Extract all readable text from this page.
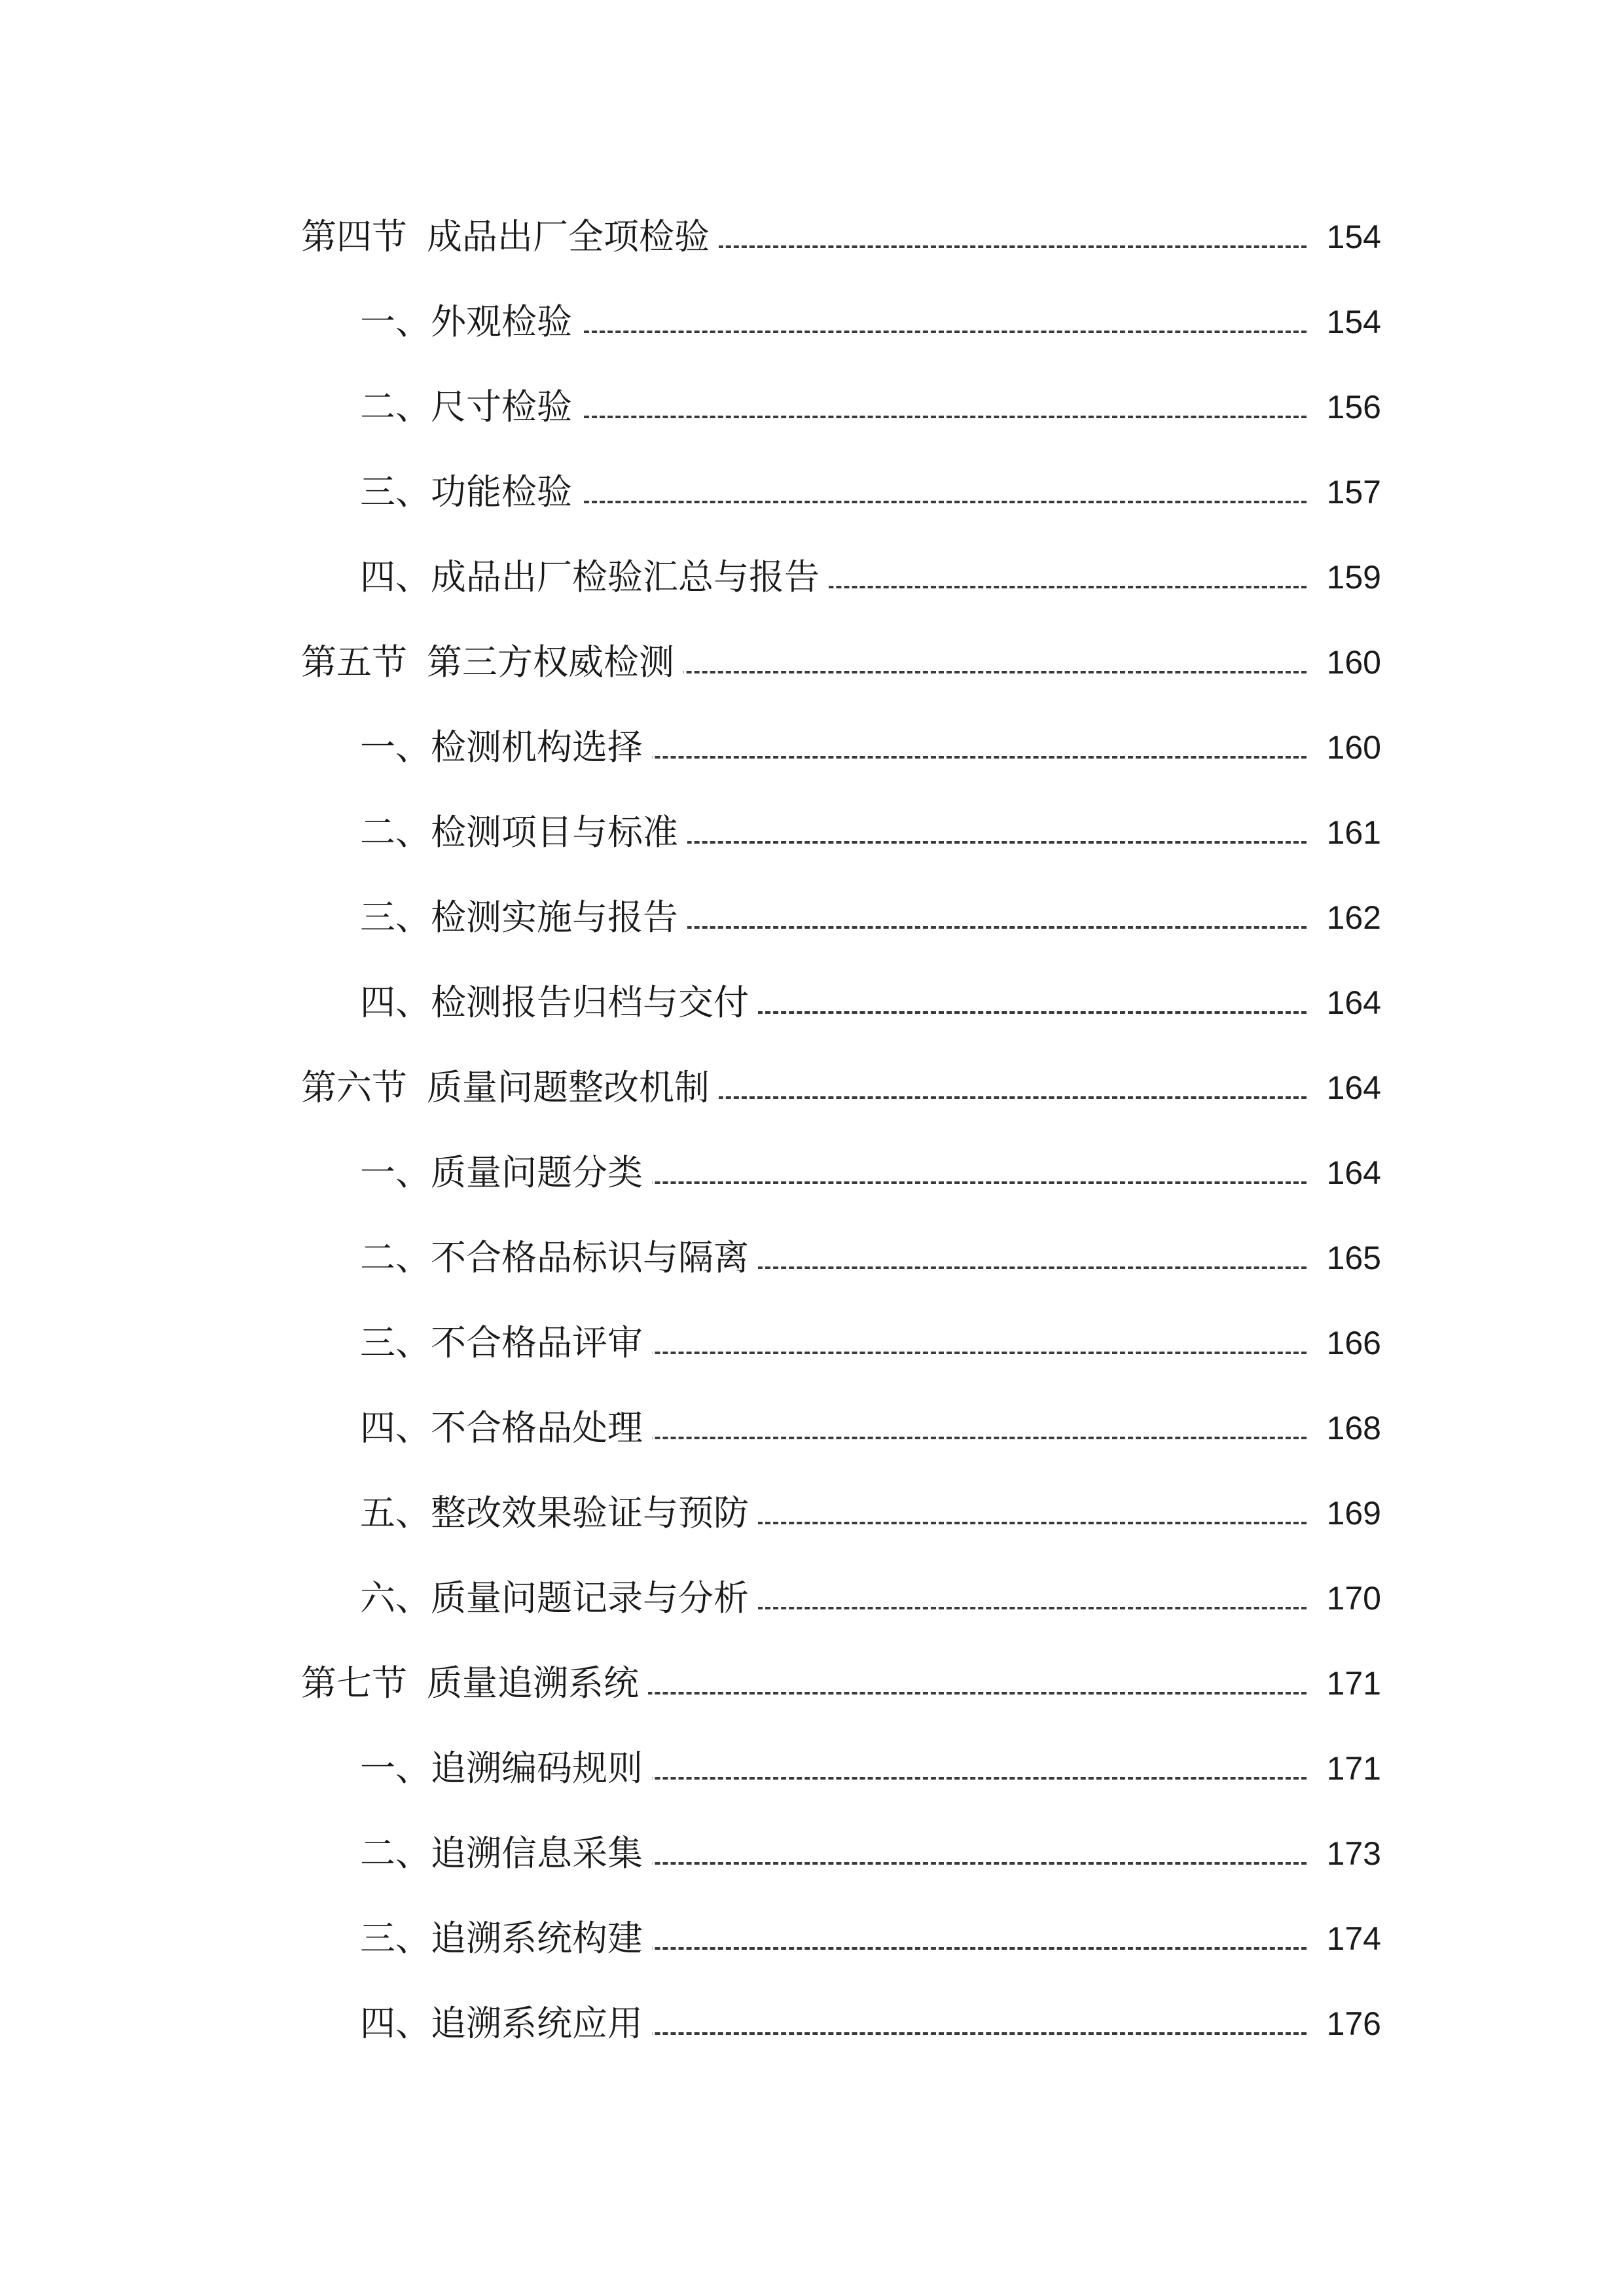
第四节 成品出厂全项检验	154
一、外观检验	154
二、尺寸检验	156
三、功能检验	157
四、成品出厂检验汇总与报告	159
第五节 第三方权威检测	160
一、检测机构选择	160
二、检测项目与标准	161
三、检测实施与报告	162
四、检测报告归档与交付	164
第六节 质量问题整改机制	164
一、质量问题分类	164
二、不合格品标识与隔离	165
三、不合格品评审	166
四、不合格品处理	168
五、整改效果验证与预防	169
六、质量问题记录与分析	170
第七节 质量追溯系统	171
一、追溯编码规则	171
二、追溯信息采集	173
三、追溯系统构建	174
四、追溯系统应用	176
